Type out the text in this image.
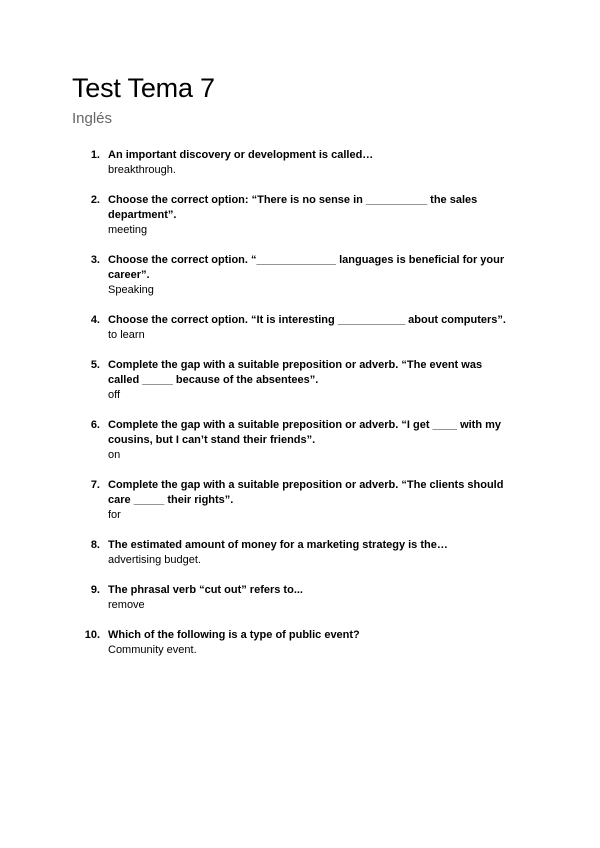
Test Tema 7
Inglés
1. An important discovery or development is called…
breakthrough.
2. Choose the correct option: “There is no sense in __________ the sales department”.
meeting
3. Choose the correct option. “_____________ languages is beneficial for your career”.
Speaking
4. Choose the correct option. “It is interesting ___________ about computers”.
to learn
5. Complete the gap with a suitable preposition or adverb. “The event was called _____ because of the absentees”.
off
6. Complete the gap with a suitable preposition or adverb. “I get ____ with my cousins, but I can’t stand their friends”.
on
7. Complete the gap with a suitable preposition or adverb. “The clients should care _____ their rights”.
for
8. The estimated amount of money for a marketing strategy is the…
advertising budget.
9. The phrasal verb “cut out” refers to...
remove
10. Which of the following is a type of public event?
Community event.
